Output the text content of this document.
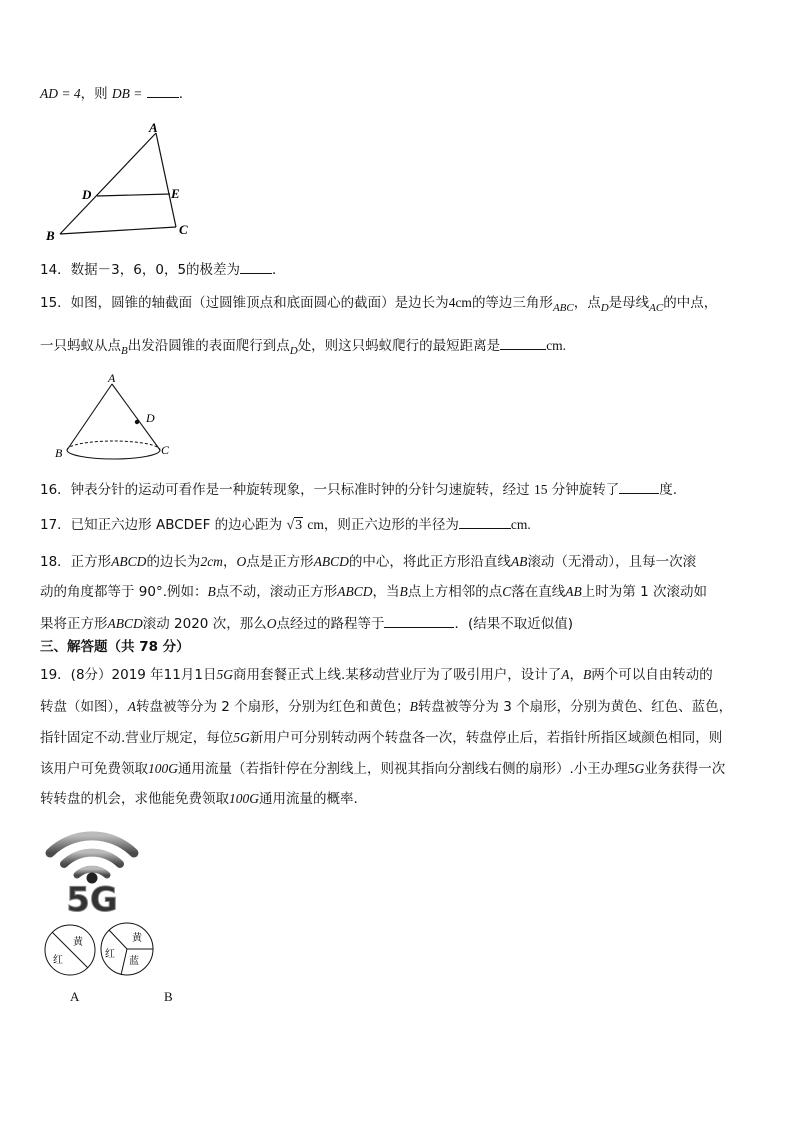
AD = 4，则 DB =	.
A
D	E
B	C
14．数据－3，6，0，5的极差为 ．
15．如图，圆锥的轴截面（过圆锥顶点和底面圆心的截面）是边长为4cm的等边三角形$_{ABC}$，点$_D$是母线$_{AC}$的中点，
一只蚂蚁从点$_B$出发沿圆锥的表面爬行到点$_D$处，则这只蚂蚁爬行的最短距离是	cm.
A
D
B	C
16．钟表分针的运动可看作是一种旋转现象，一只标准时钟的分针匀速旋转，经过 15 分钟旋转了	度.
17．已知正六边形 ABCDEF 的边心距为 √3 cm，则正六边形的半径为	cm.
18．正方形ABCD的边长为2cm，O点是正方形ABCD的中心，将此正方形沿直线AB滚动（无滑动），且每一次滚
动的角度都等于 90°.例如：B点不动，滚动正方形ABCD，当B点上方相邻的点C落在直线AB上时为第 1 次滚动如
果将正方形ABCD滚动 2020 次，那么O点经过的路程等于	．(结果不取近似值)
三、解答题（共 78 分）
19．(8分）2019 年11月1日5G商用套餐正式上线.某移动营业厅为了吸引用户，设计了A，B两个可以自由转动的
转盘（如图），A转盘被等分为 2 个扇形，分别为红色和黄色；B转盘被等分为 3 个扇形，分别为黄色、红色、蓝色，
指针固定不动.营业厅规定，每位5G新用户可分别转动两个转盘各一次，转盘停止后，若指针所指区域颜色相同，则
该用户可免费领取100G通用流量（若指针停在分割线上，则视其指向分割线右侧的扇形）.小王办理5G业务获得一次
转转盘的机会，求他能免费领取100G通用流量的概率.
5G
黄
红
A
黄
红
蓝
B
